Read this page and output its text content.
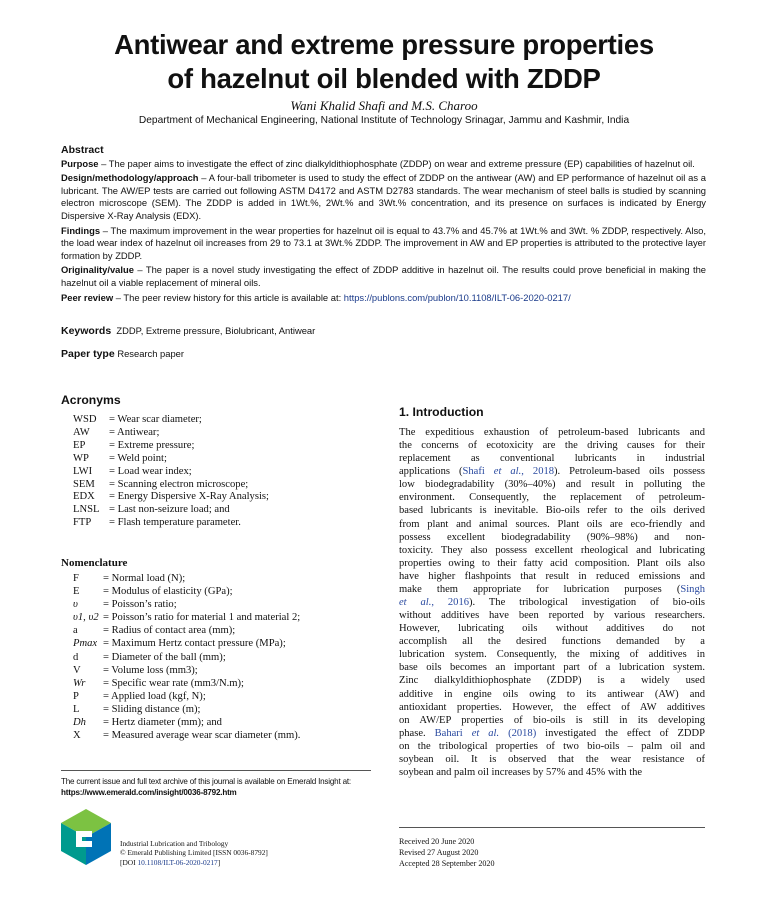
Antiwear and extreme pressure properties
of hazelnut oil blended with ZDDP
Wani Khalid Shafi and M.S. Charoo
Department of Mechanical Engineering, National Institute of Technology Srinagar, Jammu and Kashmir, India
Abstract

Purpose – The paper aims to investigate the effect of zinc dialkyldithiophosphate (ZDDP) on wear and extreme pressure (EP) capabilities of hazelnut oil.

Design/methodology/approach – A four-ball tribometer is used to study the effect of ZDDP on the antiwear (AW) and EP performance of hazelnut oil as a lubricant. The AW/EP tests are carried out following ASTM D4172 and ASTM D2783 standards. The wear mechanism of steel balls is studied by scanning electron microscope (SEM). The ZDDP is added in 1Wt.%, 2Wt.% and 3Wt.% concentration, and its presence on surfaces is indicated by Energy Dispersive X-Ray Analysis (EDX).

Findings – The maximum improvement in the wear properties for hazelnut oil is equal to 43.7% and 45.7% at 1Wt.% and 3Wt. % ZDDP, respectively. Also, the load wear index of hazelnut oil increases from 29 to 73.1 at 3Wt.% ZDDP. The improvement in AW and EP properties is attributed to the protective layer formation by ZDDP.

Originality/value – The paper is a novel study investigating the effect of ZDDP additive in hazelnut oil. The results could prove beneficial in making the hazelnut oil a viable replacement of mineral oils.

Peer review – The peer review history for this article is available at: https://publons.com/publon/10.1108/ILT-06-2020-0217/

Keywords ZDDP, Extreme pressure, Biolubricant, Antiwear
Paper type Research paper
Acronyms
WSD = Wear scar diameter;
AW = Antiwear;
EP = Extreme pressure;
WP = Weld point;
LWI = Load wear index;
SEM = Scanning electron microscope;
EDX = Energy Dispersive X-Ray Analysis;
LNSL = Last non-seizure load; and
FTP = Flash temperature parameter.
Nomenclature
F = Normal load (N);
E = Modulus of elasticity (GPa);
υ = Poisson’s ratio;
υ1, υ2 = Poisson’s ratio for material 1 and material 2;
a = Radius of contact area (mm);
Pmax = Maximum Hertz contact pressure (MPa);
d = Diameter of the ball (mm);
V = Volume loss (mm3);
Wr = Specific wear rate (mm3/N.m);
P = Applied load (kgf, N);
L = Sliding distance (m);
Dh = Hertz diameter (mm); and
X = Measured average wear scar diameter (mm).
The current issue and full text archive of this journal is available on Emerald Insight at: https://www.emerald.com/insight/0036-8792.htm
Industrial Lubrication and Tribology
© Emerald Publishing Limited [ISSN 0036-8792]
[DOI 10.1108/ILT-06-2020-0217]
1. Introduction
The expeditious exhaustion of petroleum-based lubricants and
the concerns of ecotoxicity are the driving causes for their
replacement as conventional lubricants in industrial
applications (Shafi et al., 2018). Petroleum-based oils possess
low biodegradability (30%–40%) and result in polluting the
environment. Consequently, the replacement of petroleum-
based lubricants is inevitable. Bio-oils refer to the oils derived
from plant and animal sources. Plant oils are eco-friendly and
possess excellent biodegradability (90%–98%) and non-
toxicity. They also possess excellent rheological and lubricating
properties owing to their fatty acid composition. Plant oils also
have higher flashpoints that result in reduced emissions and
make them appropriate for lubrication purposes (Singh
et al., 2016). The tribological investigation of bio-oils
without additives have been reported by various researchers.
However, lubricating oils without additives do not
accomplish all the desired functions demanded by a
lubrication system. Consequently, the mixing of additives in
base oils becomes an important part of a lubrication system.
Zinc dialkyldithiophosphate (ZDDP) is a widely used
additive in engine oils owing to its antiwear (AW) and
antioxidant properties. However, the effect of AW additives
on AW/EP properties of bio-oils is still in its developing
phase. Bahari et al. (2018) investigated the effect of ZDDP
on the tribological properties of two bio-oils – palm oil and
soybean oil. It is observed that the wear resistance of
soybean and palm oil increases by 57% and 45% with the
Received 20 June 2020
Revised 27 August 2020
Accepted 28 September 2020
